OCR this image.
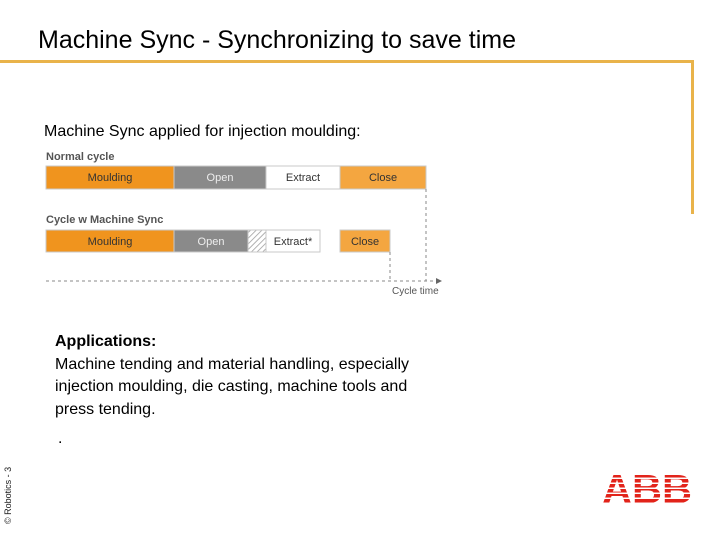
Machine Sync - Synchronizing to save time
Machine Sync applied for injection moulding:
Normal cycle
Moulding	Open	Extract	Close
Cycle w Machine Sync
Moulding	Open	Extract*	Close
Cycle time
Applications:
Machine tending and material handling, especially
injection moulding, die casting, machine tools and
press tending.
.
© Robotics - 3	ABB
